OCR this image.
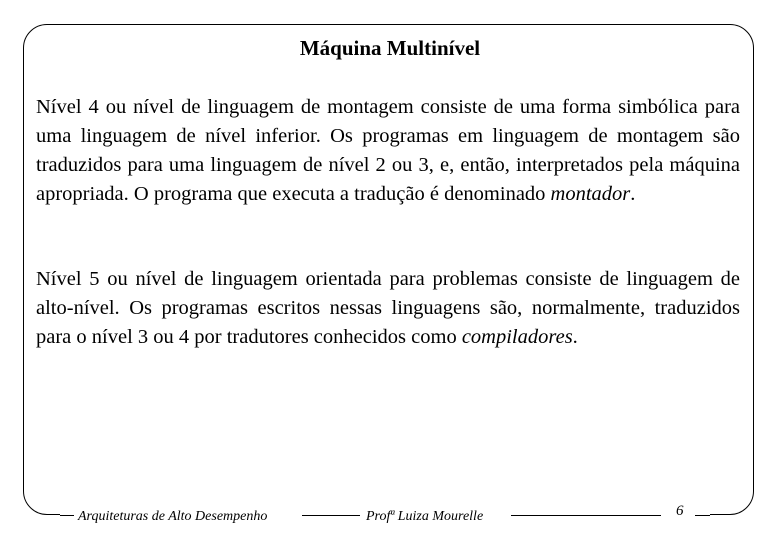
Máquina Multinível

Nível 4 ou nível de linguagem de montagem consiste de uma forma simbólica para uma linguagem de nível inferior. Os programas em linguagem de montagem são traduzidos para uma linguagem de nível 2 ou 3, e, então, interpretados pela máquina apropriada. O programa que executa a tradução é denominado montador.

Nível 5 ou nível de linguagem orientada para problemas consiste de linguagem de alto-nível. Os programas escritos nessas linguagens são, normalmente, traduzidos para o nível 3 ou 4 por tradutores conhecidos como compiladores.

Arquiteturas de Alto Desempenho	Profª Luiza Mourelle	6
